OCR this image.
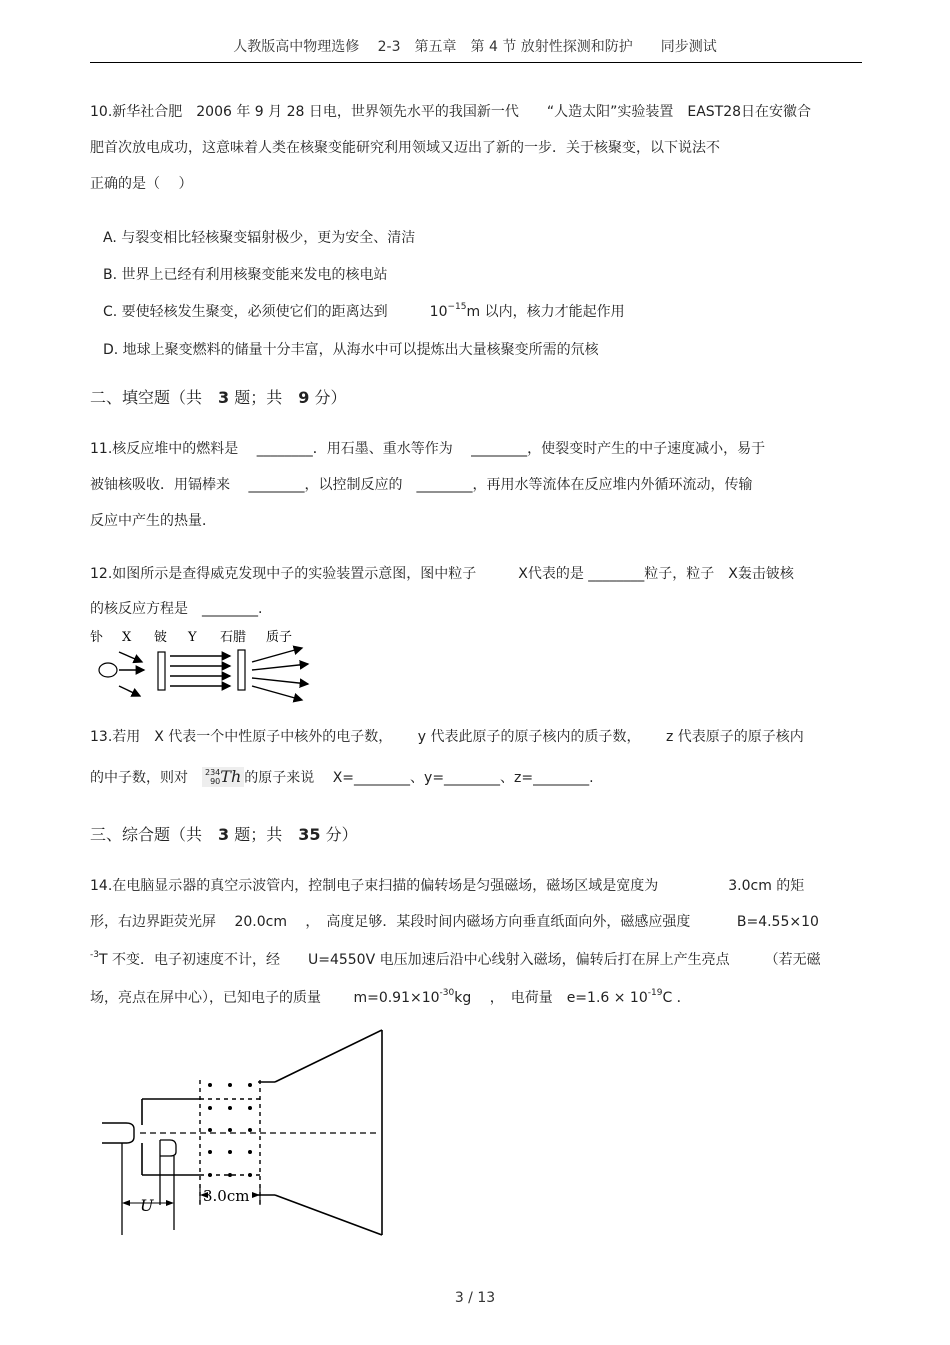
人教版高中物理选修　 2-3　第五章　第 4 节 放射性探测和防护　　同步测试
10.新华社合肥　2006 年 9 月 28 日电，世界领先水平的我国新一代　　“人造太阳”实验装置　EAST28日在安徽合
肥首次放电成功，这意味着人类在核聚变能研究利用领域又迈出了新的一步．关于核聚变，以下说法不
正确的是（　 ）
A. 与裂变相比轻核聚变辐射极少，更为安全、清洁
B. 世界上已经有利用核聚变能来发电的核电站
C. 要使轻核发生聚变，必须使它们的距离达到　　　$10^{-15}m$ 以内，核力才能起作用
D. 地球上聚变燃料的储量十分丰富，从海水中可以提炼出大量核聚变所需的氘核
二、填空题（共　3 题；共　9 分）
11.核反应堆中的燃料是　 ________．用石墨、重水等作为　 ________，使裂变时产生的中子速度减小，易于
被铀核吸收．用镉棒来　 ________，以控制反应的　________，再用水等流体在反应堆内外循环流动，传输
反应中产生的热量．
12.如图所示是查得威克发现中子的实验装置示意图，图中粒子　　　X代表的是 ________粒子，粒子　X轰击铍核
的核反应方程是　________.
钋 X 铍 Y 石腊 质子
13.若用　X 代表一个中性原子中核外的电子数，　　 y 代表此原子的原子核内的质子数，　　 z 代表原子的原子核内
的中子数，则对　234
90Th 的原子来说　 X=________、y=________、z=________.
三、综合题（共　3 题；共　35 分）
14.在电脑显示器的真空示波管内，控制电子束扫描的偏转场是匀强磁场，磁场区域是宽度为　　　　　3.0cm 的矩
形，右边界距荧光屏　 20.0cm　 ，　高度足够．某段时间内磁场方向垂直纸面向外，磁感应强度　　　 B=4.55×10
$^{-3}$T 不变．电子初速度不计，经　　U=4550V 电压加速后沿中心线射入磁场，偏转后打在屏上产生亮点　　　（若无磁
场，亮点在屏中心），已知电子的质量　　 $m=0.91\times 10^{-30}kg$　 ，　电荷量　$e=1.6 \times 10^{-19}C$ ．
U	3.0cm
3 / 13
